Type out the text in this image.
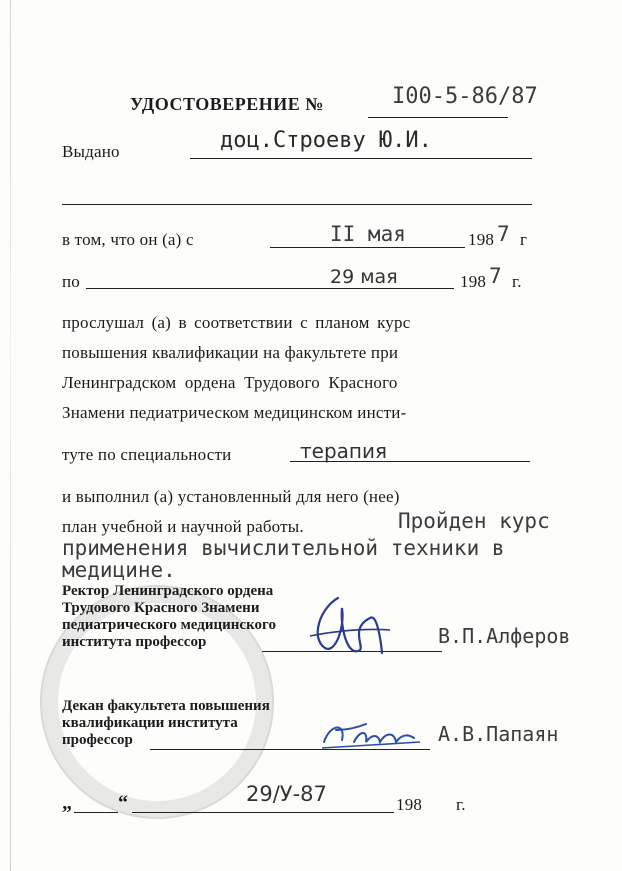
УДОСТОВЕРЕНИЕ №	I00-5-86/87
Выдано	доц.Строеву Ю.И.
в том, что он (а) с	II мая	198 7 г
по	29 мая	198 7 г.
прослушал (а) в соответствии с планом курс
повышения квалификации на факультете при
Ленинградском ордена Трудового Красного
Знамени педиатрическом медицинском инсти-
туте по специальности	терапия
и выполнил (а) установленный для него (нее)
план учебной и научной работы.	Пройден курс
применения вычислительной техники в
медицине.
Ректор Ленинградского ордена
Трудового Красного Знамени
педиатрического медицинского
института профессор	В.П.Алферов
Декан факультета повышения
квалификации института
профессор	А.В.Папаян
„ “	29/У-87	198 г.
